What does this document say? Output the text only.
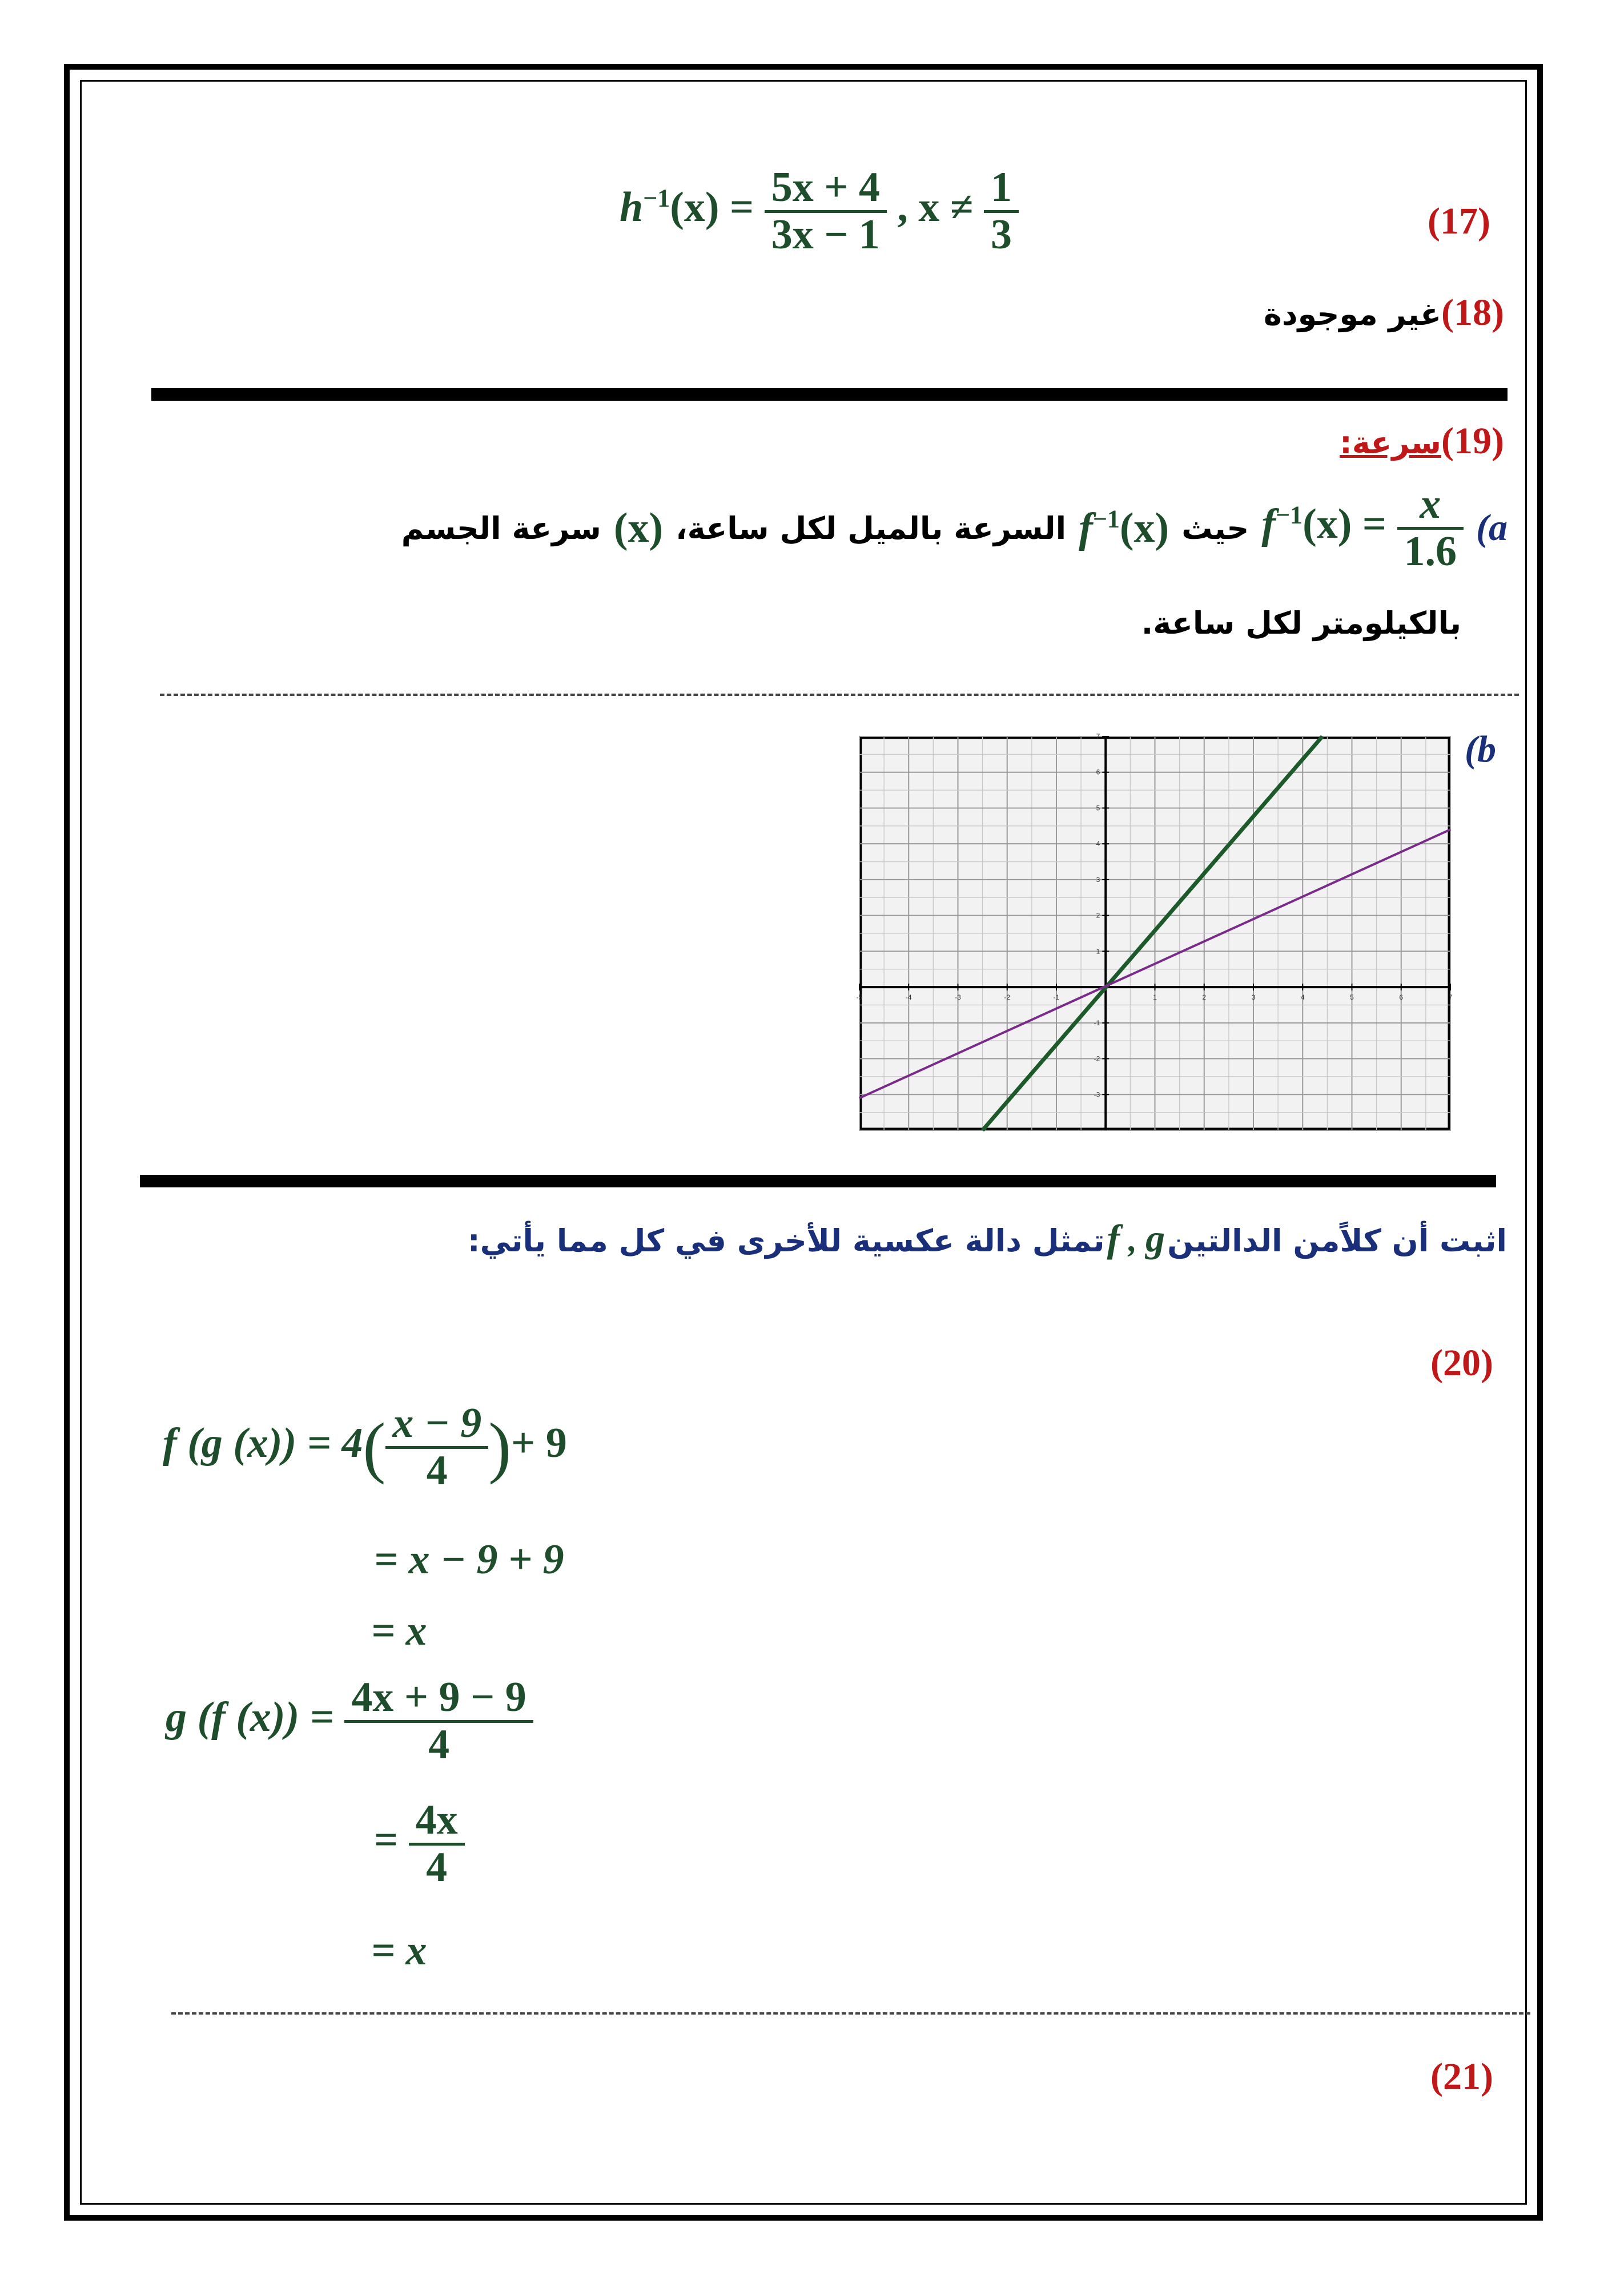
$h^{-1}(x) = \frac{5x + 4}{3x - 1}$ , $x \ne \frac{1}{3}$	(17)
(18)غير موجودة
(19)سرعة:
(a
$f^{-1}(x) = \frac{x}{1.6}$
حيث
$f^{-1}(x)$
السرعة بالميل لكل ساعة،
(x)
سرعة الجسم
بالكيلومتر لكل ساعة.
(b
-5	-4	-3	-2	-1	1	2	3	4	5	6	7
-3
-2
-1
1
2
3
4
5
6
7
اثبت أن كلاًمن الدالتين f , g تمثل دالة عكسية للأخرى في كل مما يأتي:
(20)
f (g $(x)) = 4( \frac{x - 9}{4}$ )+ 9
= x − 9 + 9
= x
g (f $(x)) = \frac{4x + 9 - 9}{4}$
= $\frac{4x}{4}$
= x
(21)
